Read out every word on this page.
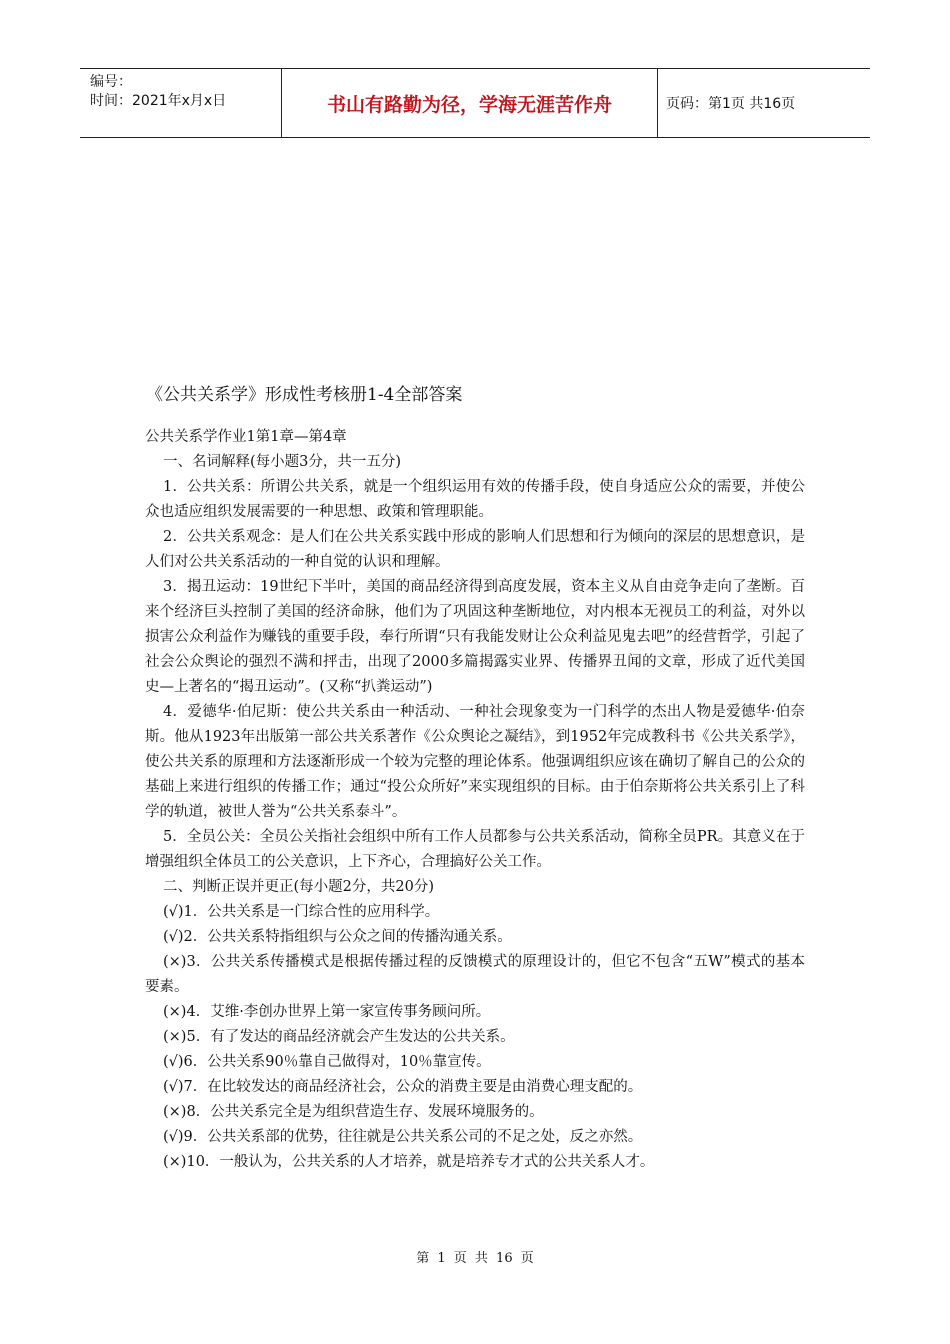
编号：
时间：2021年x月x日	书山有路勤为径，学海无涯苦作舟	页码：第1页 共16页
《公共关系学》形成性考核册1-4全部答案

公共关系学作业1第1章—第4章

一、名词解释(每小题3分，共一五分)

1．公共关系：所谓公共关系，就是一个组织运用有效的传播手段，使自身适应公众的需要，并使公众也适应组织发展需要的一种思想、政策和管理职能。

2．公共关系观念：是人们在公共关系实践中形成的影响人们思想和行为倾向的深层的思想意识，是人们对公共关系活动的一种自觉的认识和理解。

3．揭丑运动：19世纪下半叶，美国的商品经济得到高度发展，资本主义从自由竞争走向了垄断。百来个经济巨头控制了美国的经济命脉，他们为了巩固这种垄断地位，对内根本无视员工的利益，对外以损害公众利益作为赚钱的重要手段，奉行所谓“只有我能发财让公众利益见鬼去吧”的经营哲学，引起了社会公众舆论的强烈不满和抨击，出现了2000多篇揭露实业界、传播界丑闻的文章，形成了近代美国史—上著名的“揭丑运动”。(又称“扒粪运动”)

4．爱德华·伯尼斯：使公共关系由一种活动、一种社会现象变为一门科学的杰出人物是爱德华·伯奈斯。他从1923年出版第一部公共关系著作《公众舆论之凝结》，到1952年完成教科书《公共关系学》，使公共关系的原理和方法逐渐形成一个较为完整的理论体系。他强调组织应该在确切了解自己的公众的基础上来进行组织的传播工作；通过“投公众所好”来实现组织的目标。由于伯奈斯将公共关系引上了科学的轨道，被世人誉为“公共关系泰斗”。

5．全员公关：全员公关指社会组织中所有工作人员都参与公共关系活动，简称全员PR。其意义在于增强组织全体员工的公关意识，上下齐心，合理搞好公关工作。

二、判断正误并更正(每小题2分，共20分)

(√)1．公共关系是一门综合性的应用科学。

(√)2．公共关系特指组织与公众之间的传播沟通关系。

(×)3．公共关系传播模式是根据传播过程的反馈模式的原理设计的，但它不包含“五W”模式的基本要素。

(×)4．艾维·李创办世界上第一家宣传事务顾问所。

(×)5．有了发达的商品经济就会产生发达的公共关系。

(√)6．公共关系90％靠自己做得对，10％靠宣传。

(√)7．在比较发达的商品经济社会，公众的消费主要是由消费心理支配的。

(×)8．公共关系完全是为组织营造生存、发展环境服务的。

(√)9．公共关系部的优势，往往就是公共关系公司的不足之处，反之亦然。

(×)10．一般认为，公共关系的人才培养，就是培养专才式的公共关系人才。

第 1 页 共 16 页
